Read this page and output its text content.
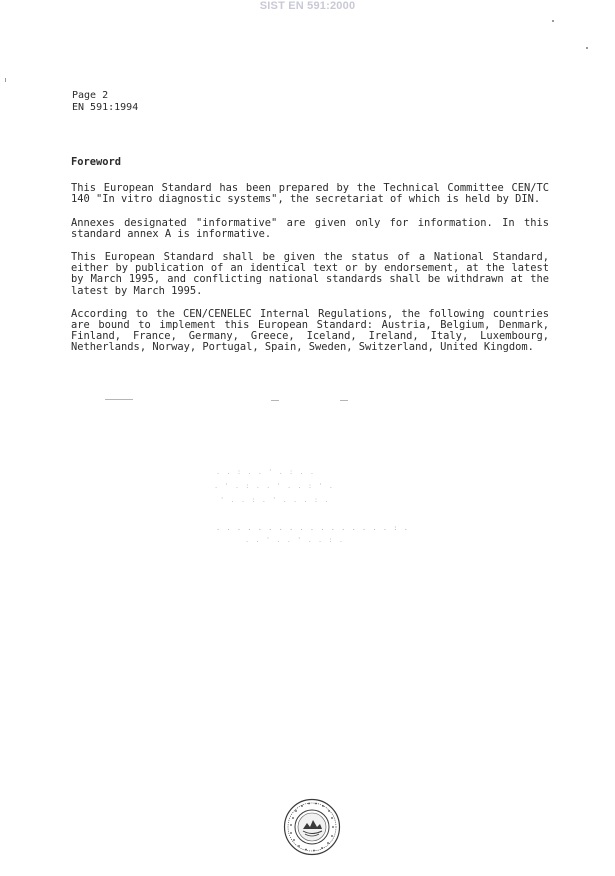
SIST EN 591:2000
Page 2
EN 591:1994
Foreword

This European Standard has been prepared by the Technical Committee CEN/TC 140 "In vitro diagnostic systems", the secretariat of which is held by DIN.

Annexes designated "informative" are given only for information. In this standard annex A is informative.

This European Standard shall be given the status of a National Standard, either by publication of an identical text or by endorsement, at the latest by March 1995, and conflicting national standards shall be withdrawn at the latest by March 1995.

According to the CEN/CENELEC Internal Regulations, the following countries are bound to implement this European Standard: Austria, Belgium, Denmark, Finland, France, Germany, Greece, Iceland, Ireland, Italy, Luxembourg, Netherlands, Norway, Portugal, Spain, Sweden, Switzerland, United Kingdom.

. . : . . ' . : . .
. ' . : . . ' . . : ' .
' . . : . ' . . . : .
. . . . . . . . . . . . . . . . . : .
. . ' . . ' . . : .
